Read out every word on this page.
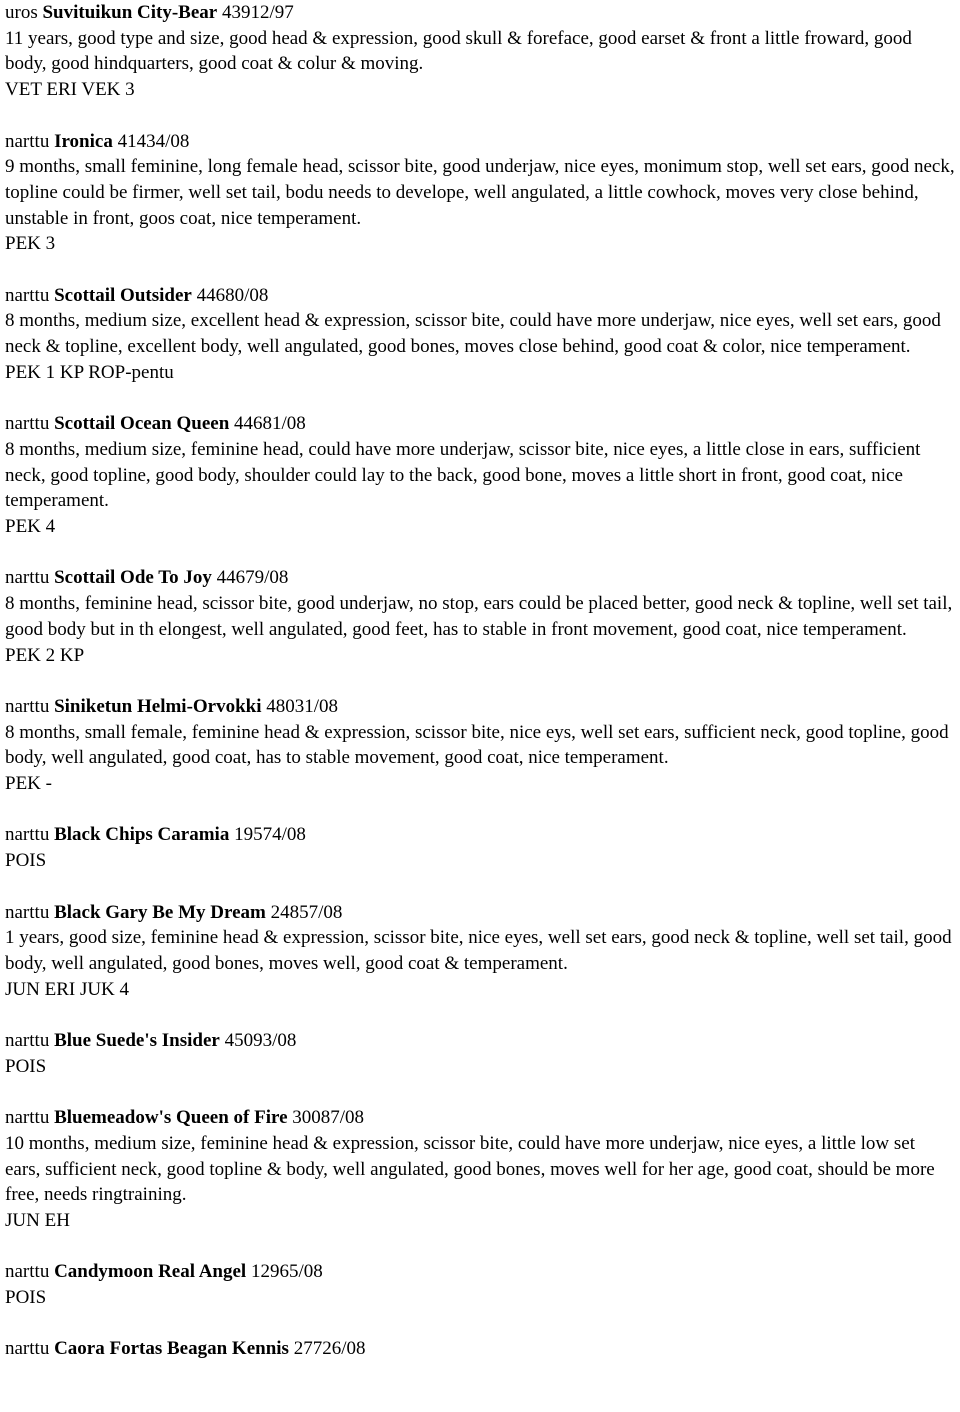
uros Suvituikun City-Bear 43912/97

11 years, good type and size, good head & expression, good skull & foreface, good earset & front a little froward, good body, good hindquarters, good coat & colur & moving.

VET ERI VEK 3

narttu Ironica 41434/08

9 months, small feminine, long female head, scissor bite, good underjaw, nice eyes, monimum stop, well set ears, good neck, topline could be firmer, well set tail, bodu needs to develope, well angulated, a little cowhock, moves very close behind, unstable in front, goos coat, nice temperament.

PEK 3

narttu Scottail Outsider 44680/08

8 months, medium size, excellent head & expression, scissor bite, could have more underjaw, nice eyes, well set ears, good neck & topline, excellent body, well angulated, good bones, moves close behind, good coat & color, nice temperament.

PEK 1 KP ROP-pentu

narttu Scottail Ocean Queen 44681/08

8 months, medium size, feminine head, could have more underjaw, scissor bite, nice eyes, a little close in ears, sufficient neck, good topline, good body, shoulder could lay to the back, good bone, moves a little short in front, good coat, nice temperament.

PEK 4

narttu Scottail Ode To Joy 44679/08

8 months, feminine head, scissor bite, good underjaw, no stop, ears could be placed better, good neck & topline, well set tail, good body but in th elongest, well angulated, good feet, has to stable in front movement, good coat, nice temperament.

PEK 2 KP

narttu Siniketun Helmi-Orvokki 48031/08

8 months, small female, feminine head & expression, scissor bite, nice eys, well set ears, sufficient neck, good topline, good body, well angulated, good coat, has to stable movement, good coat, nice temperament.

PEK -

narttu Black Chips Caramia 19574/08

POIS

narttu Black Gary Be My Dream 24857/08

1 years, good size, feminine head & expression, scissor bite, nice eyes, well set ears, good neck & topline, well set tail, good body, well angulated, good bones, moves well, good coat & temperament.

JUN ERI JUK 4

narttu Blue Suede's Insider 45093/08

POIS

narttu Bluemeadow's Queen of Fire 30087/08

10 months, medium size, feminine head & expression, scissor bite, could have more underjaw, nice eyes, a little low set ears, sufficient neck, good topline & body, well angulated, good bones, moves well for her age, good coat, should be more free, needs ringtraining.

JUN EH

narttu Candymoon Real Angel 12965/08

POIS

narttu Caora Fortas Beagan Kennis 27726/08
